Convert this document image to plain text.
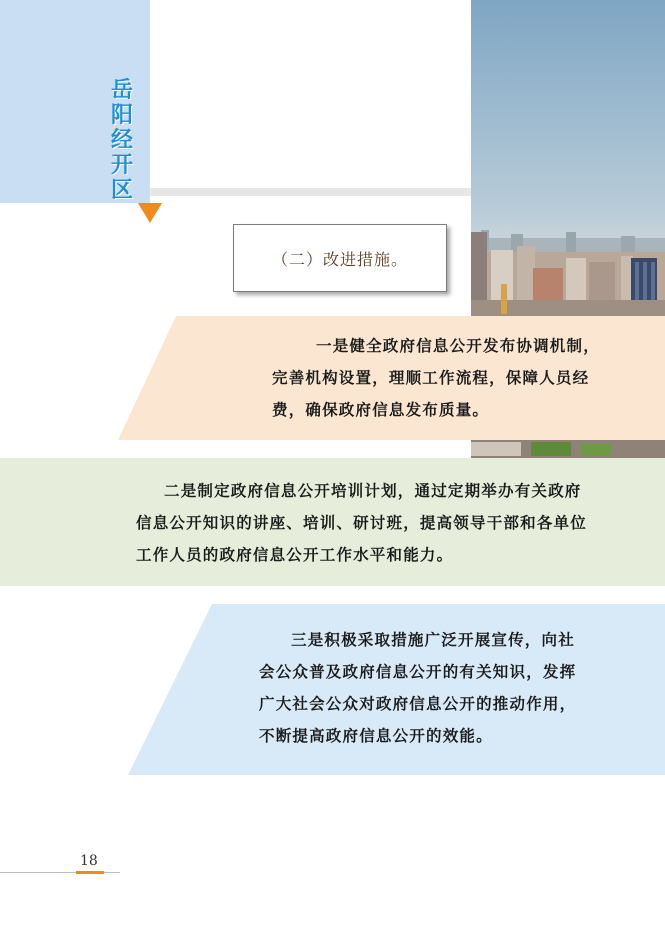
岳阳经开区
（二）改进措施。
一是健全政府信息公开发布协调机制，
完善机构设置，理顺工作流程，保障人员经
费，确保政府信息发布质量。
二是制定政府信息公开培训计划，通过定期举办有关政府
信息公开知识的讲座、培训、研讨班，提高领导干部和各单位
工作人员的政府信息公开工作水平和能力。
三是积极采取措施广泛开展宣传，向社
会公众普及政府信息公开的有关知识，发挥
广大社会公众对政府信息公开的推动作用，
不断提高政府信息公开的效能。
18
